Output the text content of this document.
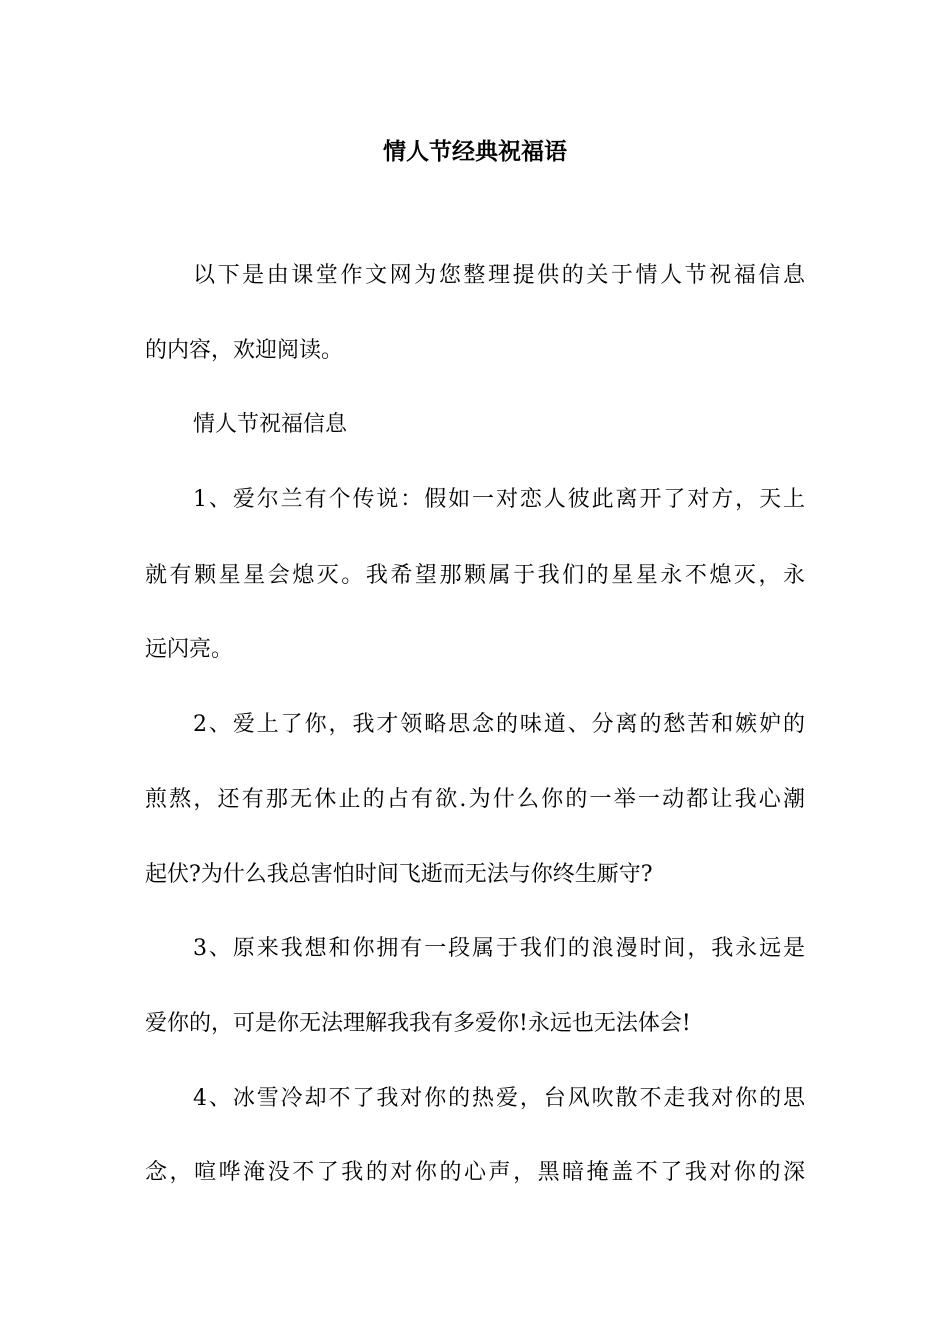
情人节经典祝福语
以下是由课堂作文网为您整理提供的关于情人节祝福信息
的内容，欢迎阅读。
情人节祝福信息
1、爱尔兰有个传说：假如一对恋人彼此离开了对方，天上
就有颗星星会熄灭。我希望那颗属于我们的星星永不熄灭，永
远闪亮。
2、爱上了你，我才领略思念的味道、分离的愁苦和嫉妒的
煎熬，还有那无休止的占有欲.为什么你的一举一动都让我心潮
起伏?为什么我总害怕时间飞逝而无法与你终生厮守?
3、原来我想和你拥有一段属于我们的浪漫时间，我永远是
爱你的，可是你无法理解我我有多爱你!永远也无法体会!
4、冰雪冷却不了我对你的热爱，台风吹散不走我对你的思
念，喧哗淹没不了我的对你的心声，黑暗掩盖不了我对你的深
